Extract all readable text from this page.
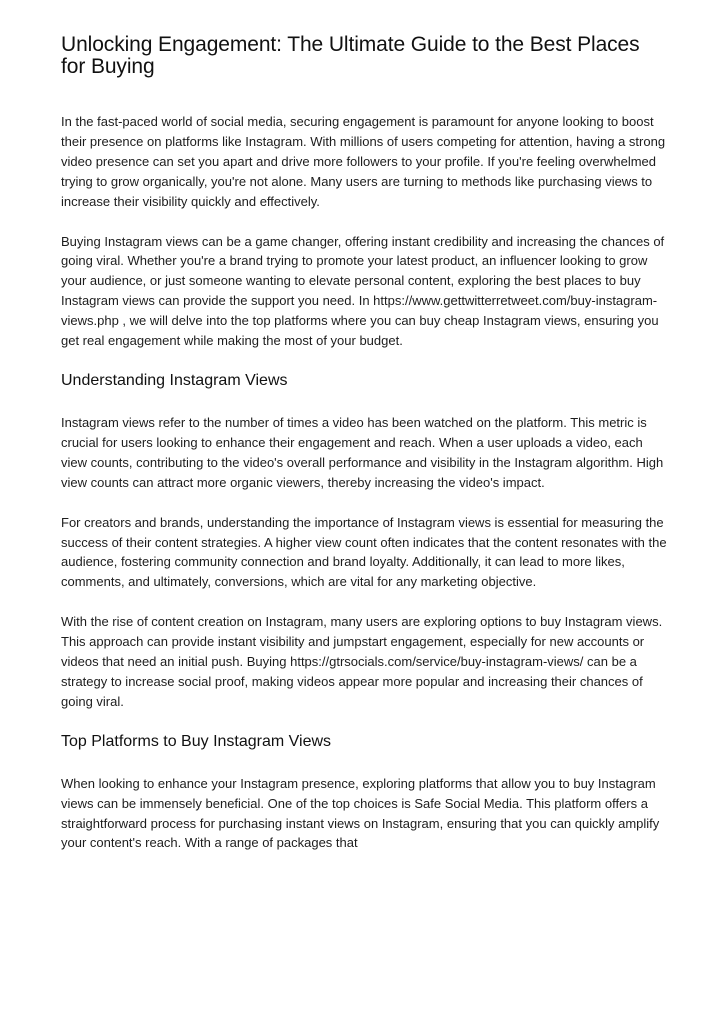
Unlocking Engagement: The Ultimate Guide to the Best Places for Buying

In the fast-paced world of social media, securing engagement is paramount for anyone looking to boost their presence on platforms like Instagram. With millions of users competing for attention, having a strong video presence can set you apart and drive more followers to your profile. If you're feeling overwhelmed trying to grow organically, you're not alone. Many users are turning to methods like purchasing views to increase their visibility quickly and effectively.

Buying Instagram views can be a game changer, offering instant credibility and increasing the chances of going viral. Whether you're a brand trying to promote your latest product, an influencer looking to grow your audience, or just someone wanting to elevate personal content, exploring the best places to buy Instagram views can provide the support you need. In https://www.gettwitterretweet.com/buy-instagram-views.php , we will delve into the top platforms where you can buy cheap Instagram views, ensuring you get real engagement while making the most of your budget.

Understanding Instagram Views

Instagram views refer to the number of times a video has been watched on the platform. This metric is crucial for users looking to enhance their engagement and reach. When a user uploads a video, each view counts, contributing to the video's overall performance and visibility in the Instagram algorithm. High view counts can attract more organic viewers, thereby increasing the video's impact.

For creators and brands, understanding the importance of Instagram views is essential for measuring the success of their content strategies. A higher view count often indicates that the content resonates with the audience, fostering community connection and brand loyalty. Additionally, it can lead to more likes, comments, and ultimately, conversions, which are vital for any marketing objective.

With the rise of content creation on Instagram, many users are exploring options to buy Instagram views. This approach can provide instant visibility and jumpstart engagement, especially for new accounts or videos that need an initial push. Buying https://gtrsocials.com/service/buy-instagram-views/ can be a strategy to increase social proof, making videos appear more popular and increasing their chances of going viral.

Top Platforms to Buy Instagram Views

When looking to enhance your Instagram presence, exploring platforms that allow you to buy Instagram views can be immensely beneficial. One of the top choices is Safe Social Media. This platform offers a straightforward process for purchasing instant views on Instagram, ensuring that you can quickly amplify your content's reach. With a range of packages that
